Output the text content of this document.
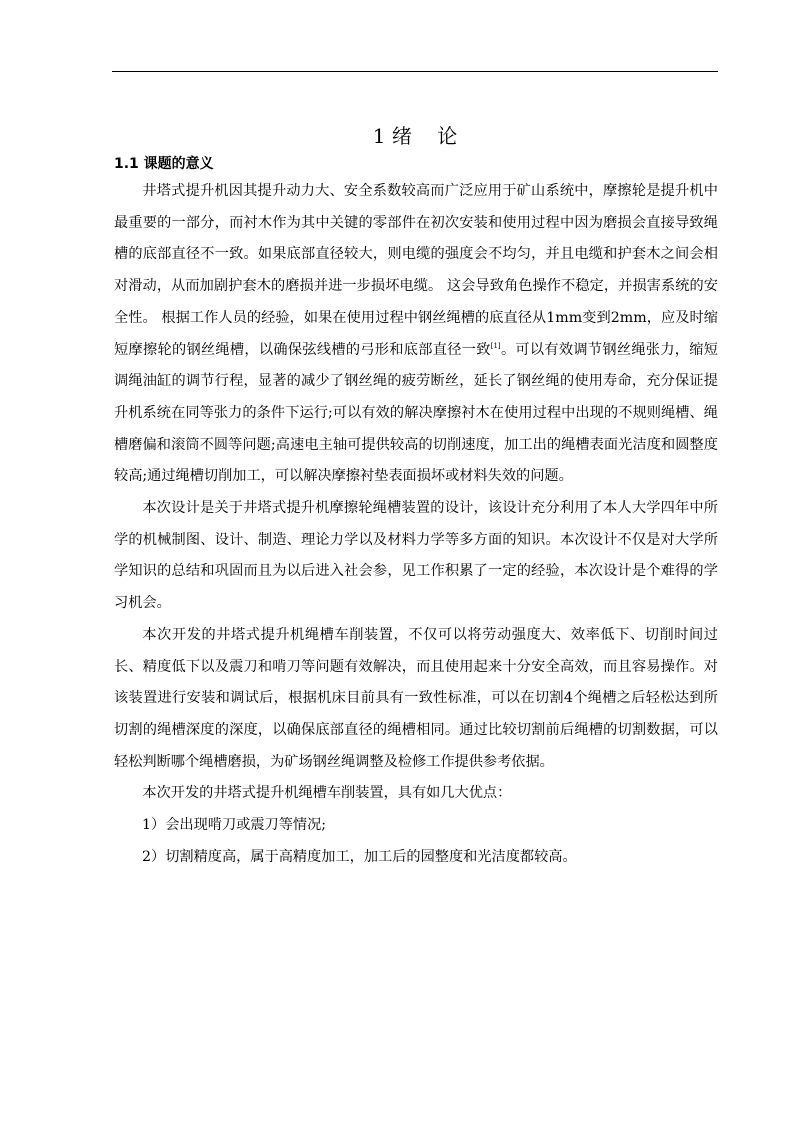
1 绪    论
1.1 课题的意义

井塔式提升机因其提升动力大、安全系数较高而广泛应用于矿山系统中，摩擦轮是提升机中最重要的一部分，而衬木作为其中关键的零部件在初次安装和使用过程中因为磨损会直接导致绳槽的底部直径不一致。如果底部直径较大，则电缆的强度会不均匀，并且电缆和护套木之间会相对滑动，从而加剧护套木的磨损并进一步损坏电缆。 这会导致角色操作不稳定，并损害系统的安全性。 根据工作人员的经验，如果在使用过程中钢丝绳槽的底直径从1mm变到2mm，应及时缩短摩擦轮的钢丝绳槽，以确保弦线槽的弓形和底部直径一致[1]。可以有效调节钢丝绳张力，缩短调绳油缸的调节行程，显著的减少了钢丝绳的疲劳断丝，延长了钢丝绳的使用寿命，充分保证提升机系统在同等张力的条件下运行;可以有效的解决摩擦衬木在使用过程中出现的不规则绳槽、绳槽磨偏和滚筒不圆等问题;高速电主轴可提供较高的切削速度，加工出的绳槽表面光洁度和圆整度较高;通过绳槽切削加工，可以解决摩擦衬垫表面损坏或材料失效的问题。

本次设计是关于井塔式提升机摩擦轮绳槽装置的设计，该设计充分利用了本人大学四年中所学的机械制图、设计、制造、理论力学以及材料力学等多方面的知识。本次设计不仅是对大学所学知识的总结和巩固而且为以后进入社会参，见工作积累了一定的经验，本次设计是个难得的学习机会。

本次开发的井塔式提升机绳槽车削装置，不仅可以将劳动强度大、效率低下、切削时间过长、精度低下以及震刀和啃刀等问题有效解决，而且使用起来十分安全高效，而且容易操作。对该装置进行安装和调试后，根据机床目前具有一致性标准，可以在切割4个绳槽之后轻松达到所切割的绳槽深度的深度，以确保底部直径的绳槽相同。通过比较切割前后绳槽的切割数据，可以轻松判断哪个绳槽磨损，为矿场钢丝绳调整及检修工作提供参考依据。

本次开发的井塔式提升机绳槽车削装置，具有如几大优点：

1）会出现啃刀或震刀等情况;

2）切割精度高，属于高精度加工，加工后的园整度和光洁度都较高。
